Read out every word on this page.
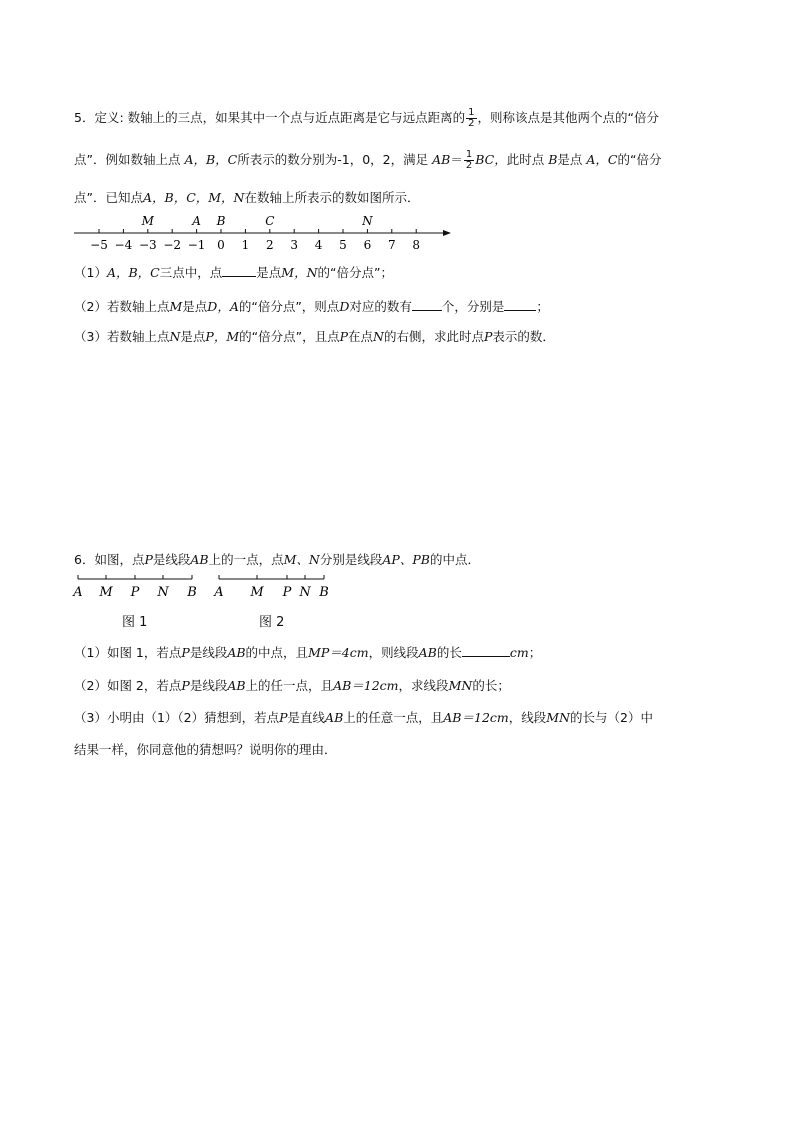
5．定义: 数轴上的三点，如果其中一个点与近点距离是它与远点距离的 $\frac{1}{2}$ ，则称该点是其他两个点的“倍分
点”．例如数轴上点 A，B，C所表示的数分别为-1，0，2，满足 $AB= \frac{1}{2}$ BC，此时点 B是点 A，C的“倍分
点”．已知点A，B，C，M，N在数轴上所表示的数如图所示．
M	A B	C	N
−5 −4 −3 −2 −1 0 1 2 3 4 5 6 7 8
（1）A，B，C三点中，点	是点M，N的“倍分点”；
（2）若数轴上点M是点D，A的“倍分点”，则点D对应的数有 个，分别是	；
（3）若数轴上点N是点P，M的“倍分点”，且点P在点N的右侧，求此时点P表示的数．
6．如图，点P是线段AB上的一点，点M、N分别是线段AP、PB的中点．
A M P N B A M P N B
图 1	图 2
（1）如图 1，若点P是线段AB的中点，且MP＝4cm，则线段AB的长	cm；
（2）如图 2，若点P是线段AB上的任一点，且AB＝12cm，求线段MN的长；
（3）小明由（1）（2）猜想到，若点P是直线AB上的任意一点，且AB＝12cm，线段MN的长与（2）中
结果一样，你同意他的猜想吗？说明你的理由．
